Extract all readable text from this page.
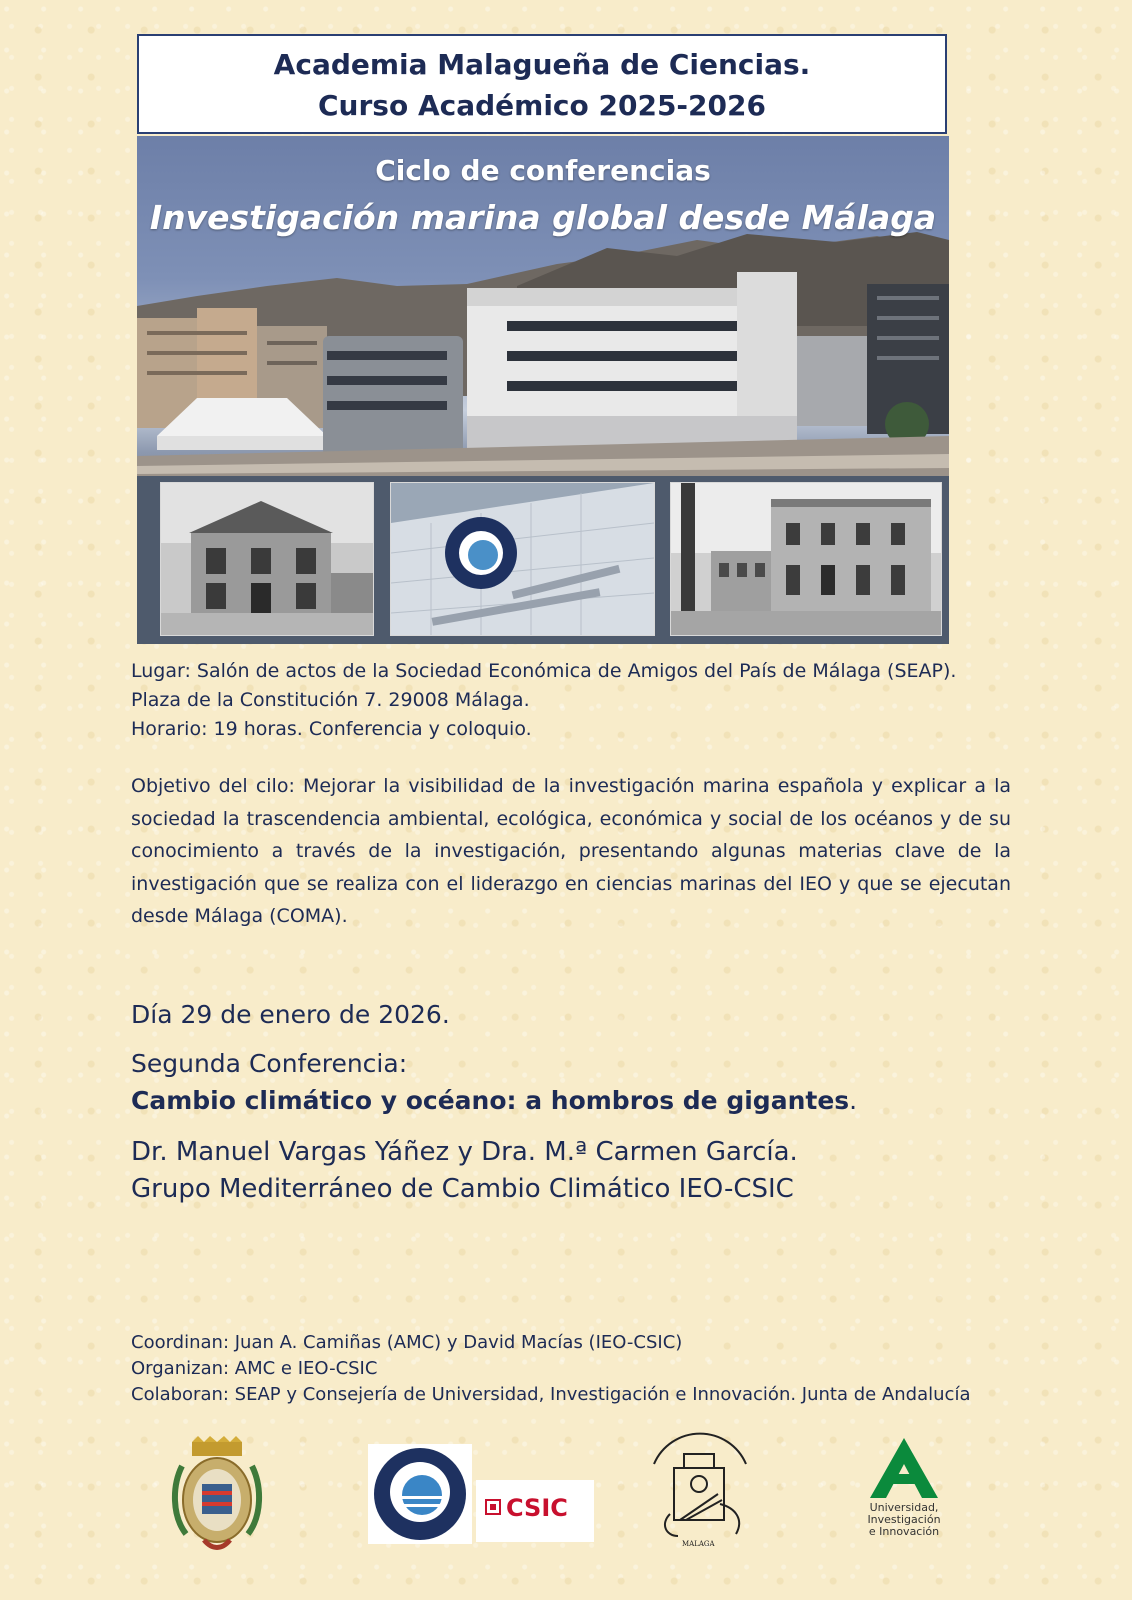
Academia Malagueña de Ciencias.
Curso Académico 2025-2026
Ciclo de conferencias
Investigación marina global desde Málaga
Lugar: Salón de actos de la Sociedad Económica de Amigos del País de Málaga (SEAP).
Plaza de la Constitución 7. 29008 Málaga.
Horario: 19 horas. Conferencia y coloquio.
Objetivo del cilo: Mejorar la visibilidad de la investigación marina española y explicar a la sociedad la trascendencia ambiental, ecológica, económica y social de los océanos y de su conocimiento a través de la investigación, presentando algunas materias clave de la investigación que se realiza con el liderazgo en ciencias marinas del IEO y que se ejecutan desde Málaga (COMA).
Día 29 de enero de 2026.
Segunda Conferencia:
Cambio climático y océano: a hombros de gigantes.
Dr. Manuel Vargas Yáñez y Dra. M.ª Carmen García.
Grupo Mediterráneo de Cambio Climático IEO-CSIC
Coordinan: Juan A. Camiñas (AMC) y David Macías (IEO-CSIC)
Organizan: AMC e IEO-CSIC
Colaboran: SEAP y Consejería de Universidad, Investigación e Innovación. Junta de Andalucía
CSIC
MALAGA
Universidad,
Investigación
e Innovación
